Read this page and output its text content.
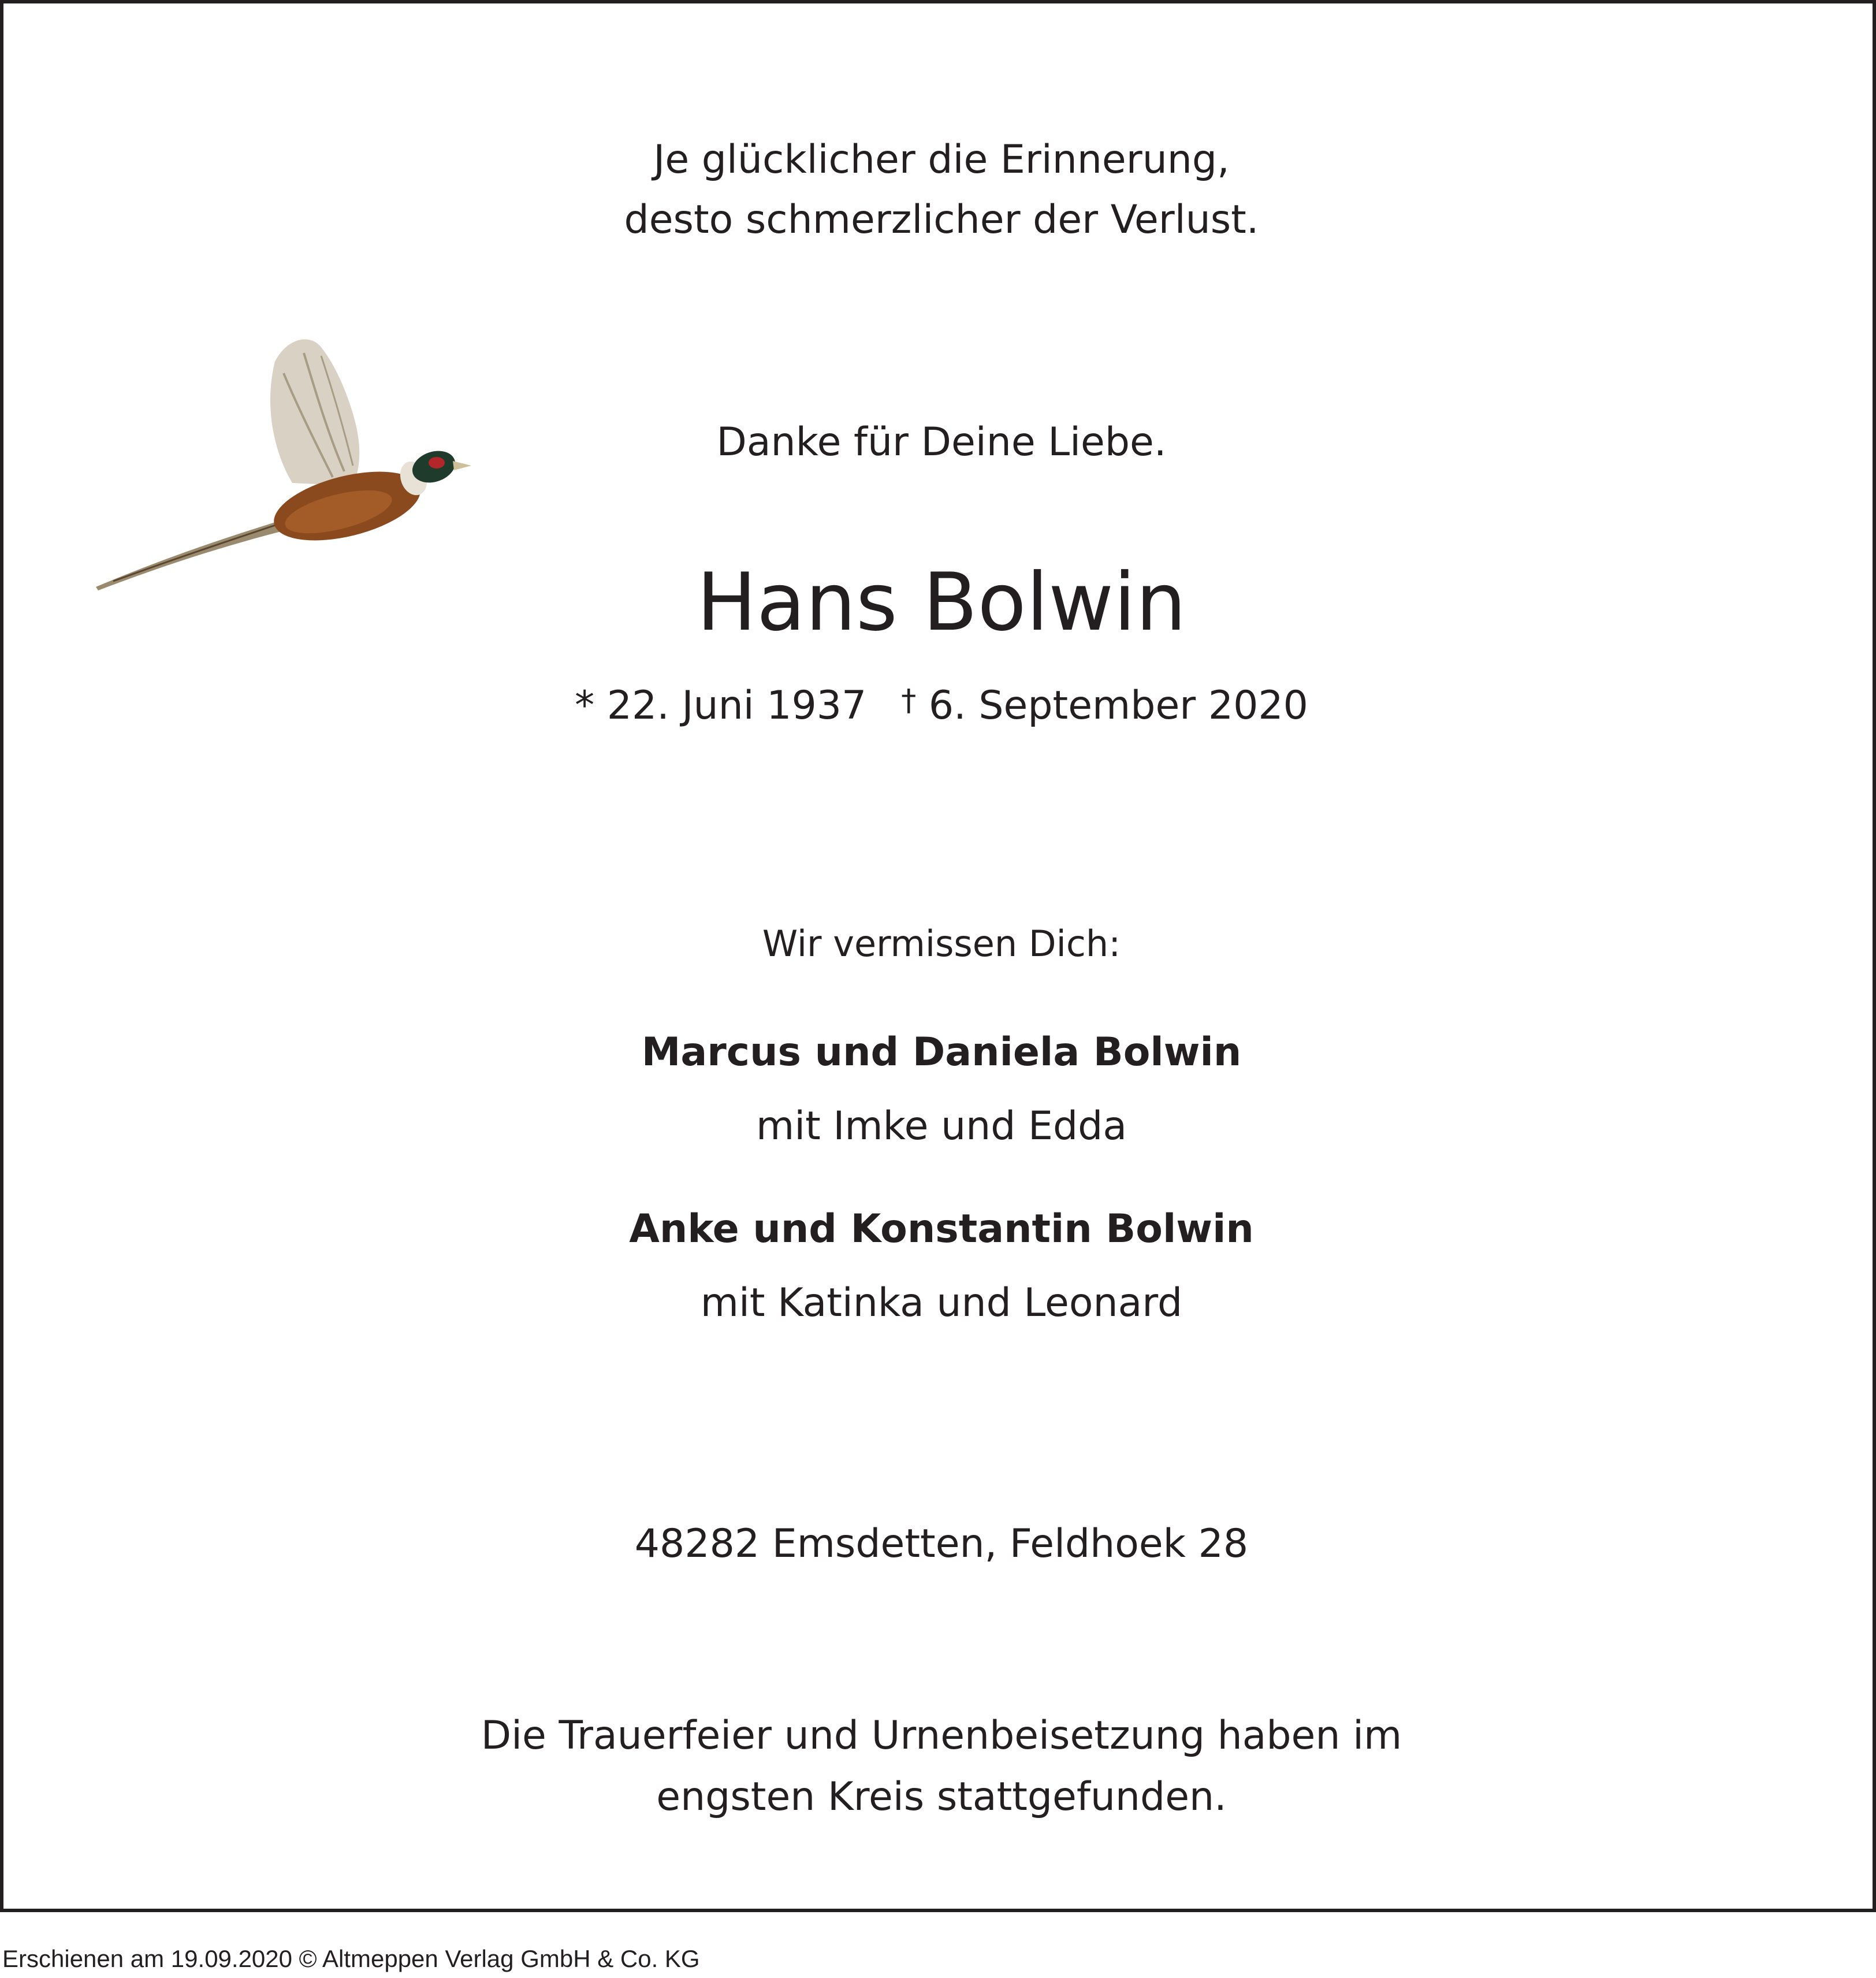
Je glücklicher die Erinnerung,
desto schmerzlicher der Verlust.
Danke für Deine Liebe.
Hans Bolwin
* 22. Juni 1937 † 6. September 2020
Wir vermissen Dich:
Marcus und Daniela Bolwin
mit Imke und Edda
Anke und Konstantin Bolwin
mit Katinka und Leonard
48282 Emsdetten, Feldhoek 28
Die Trauerfeier und Urnenbeisetzung haben im
engsten Kreis stattgefunden.
Erschienen am 19.09.2020 © Altmeppen Verlag GmbH & Co. KG
